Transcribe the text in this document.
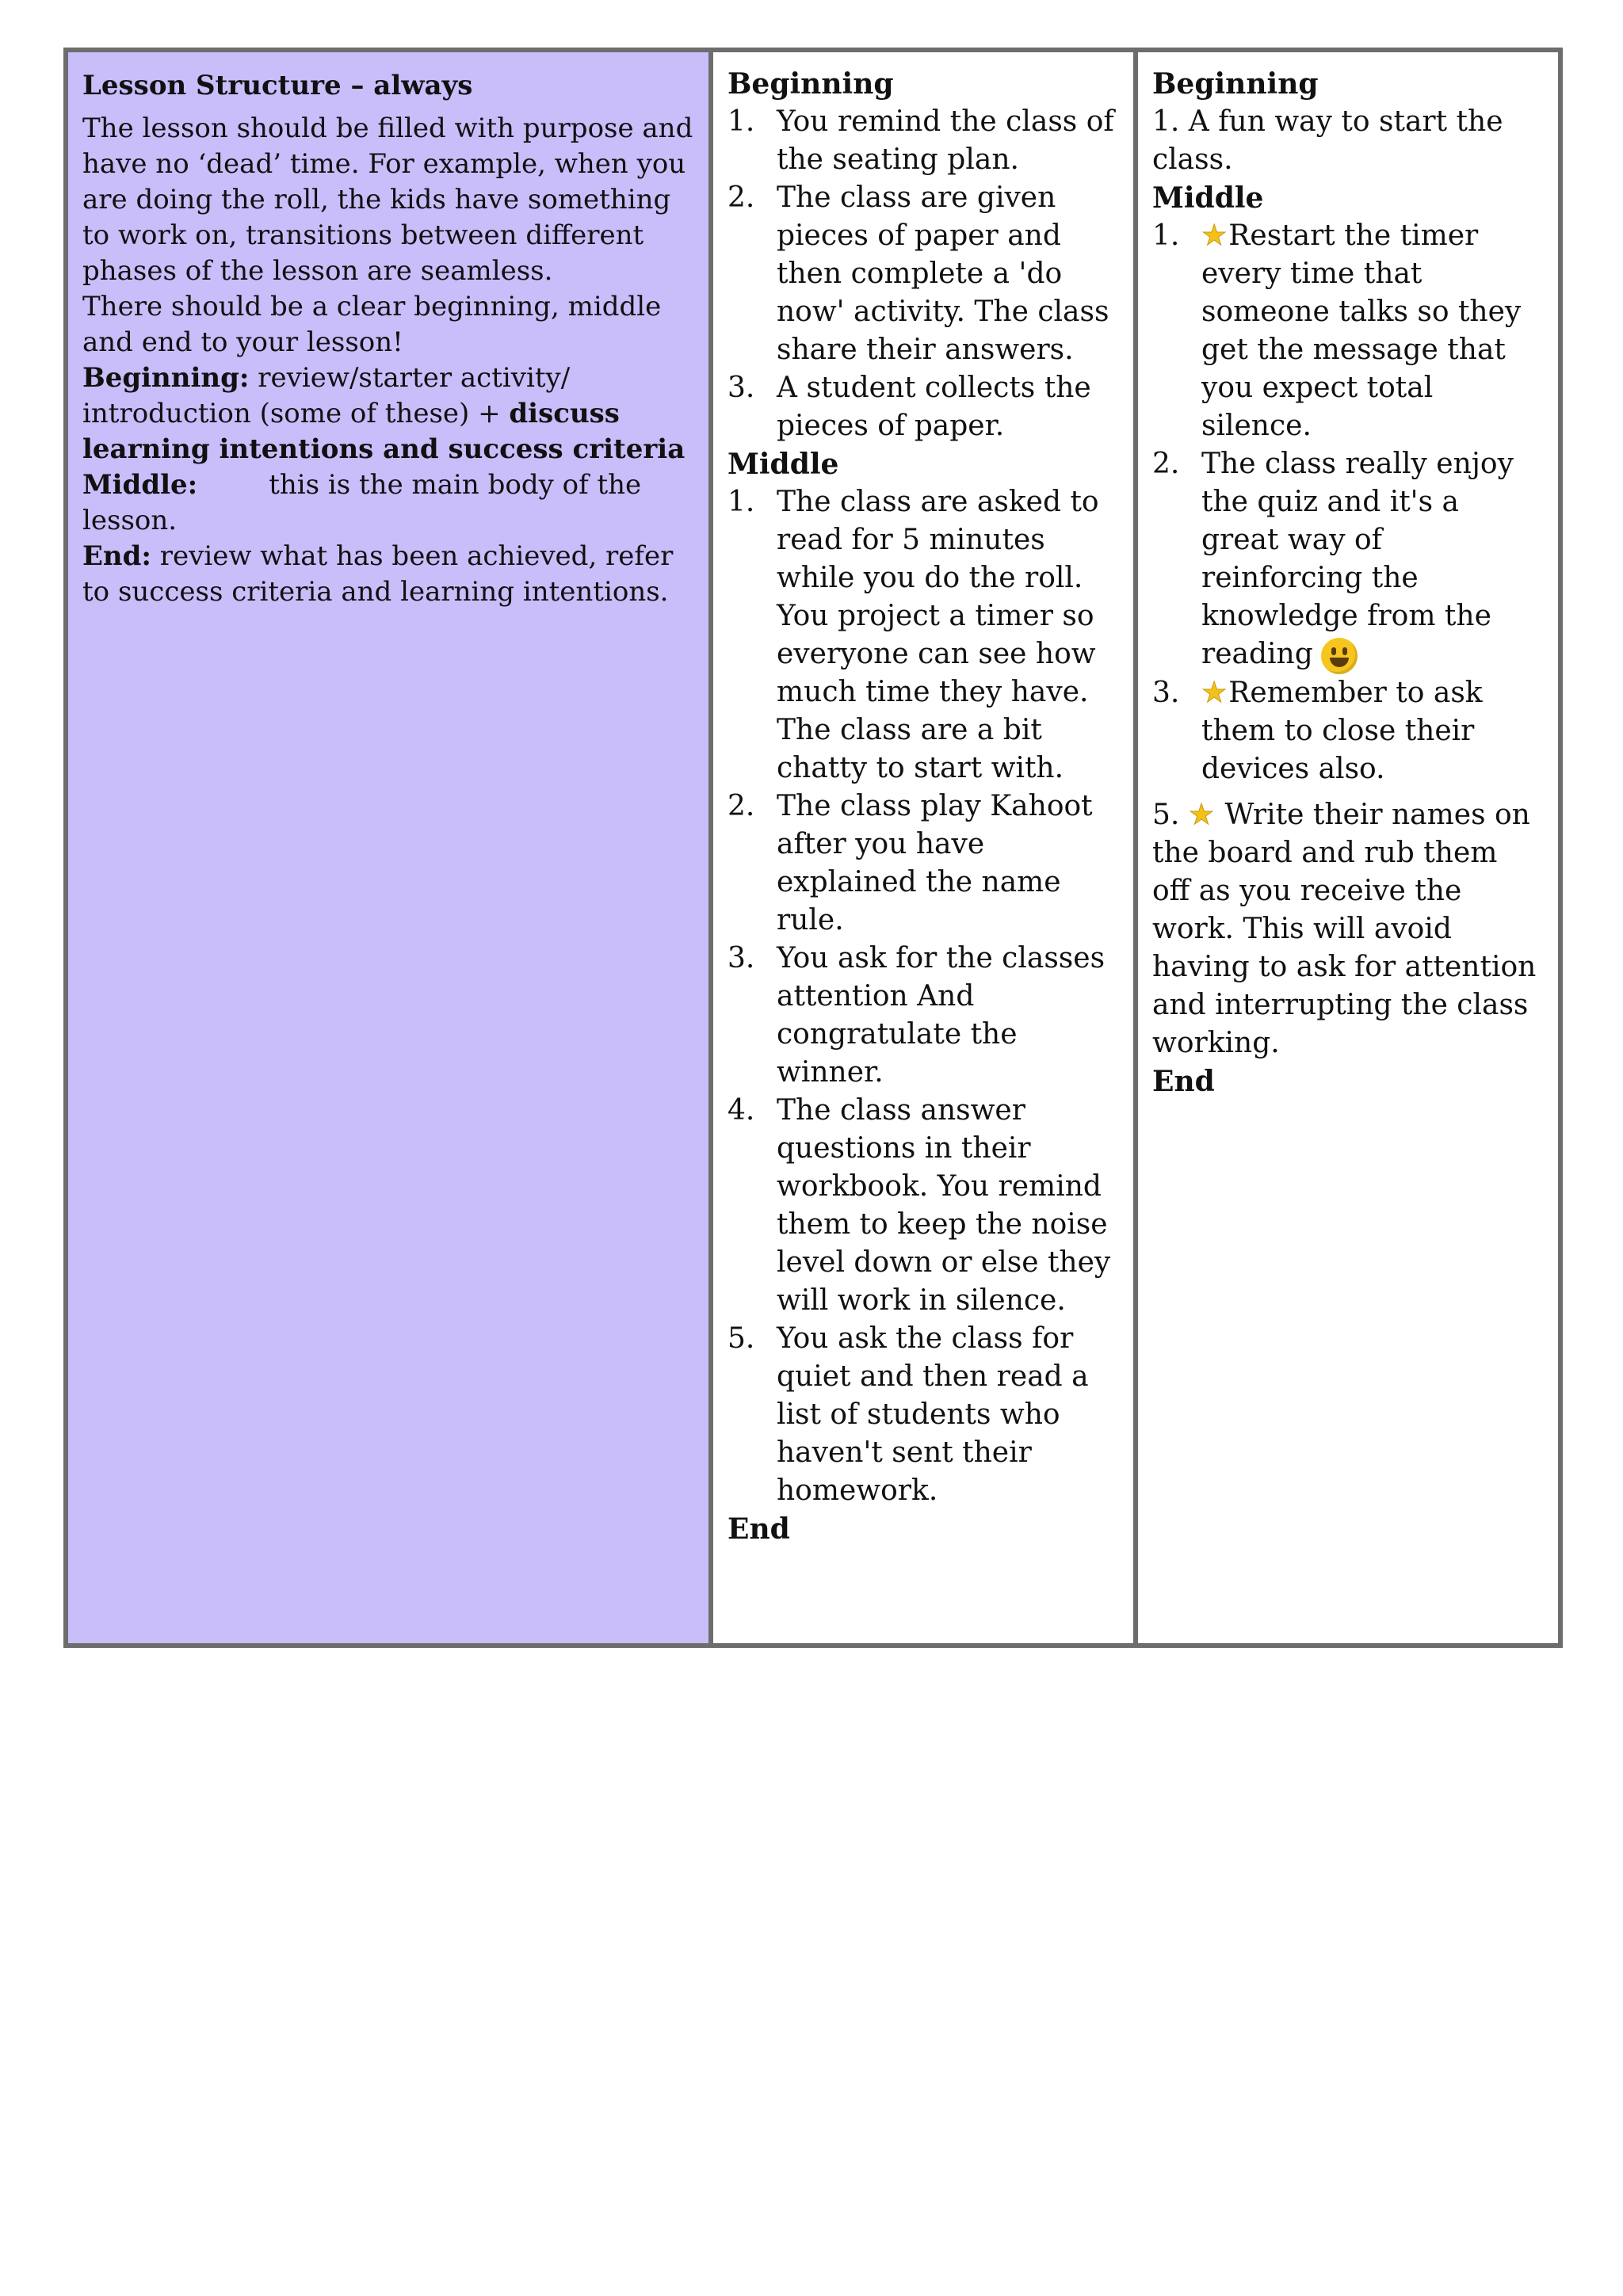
Lesson Structure – always

The lesson should be filled with purpose and have no ‘dead’ time. For example, when you are doing the roll, the kids have something to work on, transitions between different phases of the lesson are seamless.

There should be a clear beginning, middle and end to your lesson!

Beginning: review/starter activity/ introduction (some of these) + discuss learning intentions and success criteria

Middle:	this is the main body of the lesson.

End: review what has been achieved, refer to success criteria and learning intentions.

Beginning

1. You remind the class of the seating plan.
2. The class are given pieces of paper and then complete a 'do now' activity. The class share their answers.
3. A student collects the pieces of paper.

Middle

1. The class are asked to read for 5 minutes while you do the roll. You project a timer so everyone can see how much time they have. The class are a bit chatty to start with.
2. The class play Kahoot after you have explained the name rule.
3. You ask for the classes attention And congratulate the winner.
4. The class answer questions in their workbook. You remind them to keep the noise level down or else they will work in silence.
5. You ask the class for quiet and then read a list of students who haven't sent their homework.

End

Beginning

1. A fun way to start the class.

Middle

1. ★Restart the timer every time that someone talks so they get the message that you expect total silence.
2. The class really enjoy the quiz and it's a great way of reinforcing the knowledge from the reading
3. ★Remember to ask them to close their devices also.

5. ★ Write their names on the board and rub them off as you receive the work. This will avoid having to ask for attention and interrupting the class working.

End
